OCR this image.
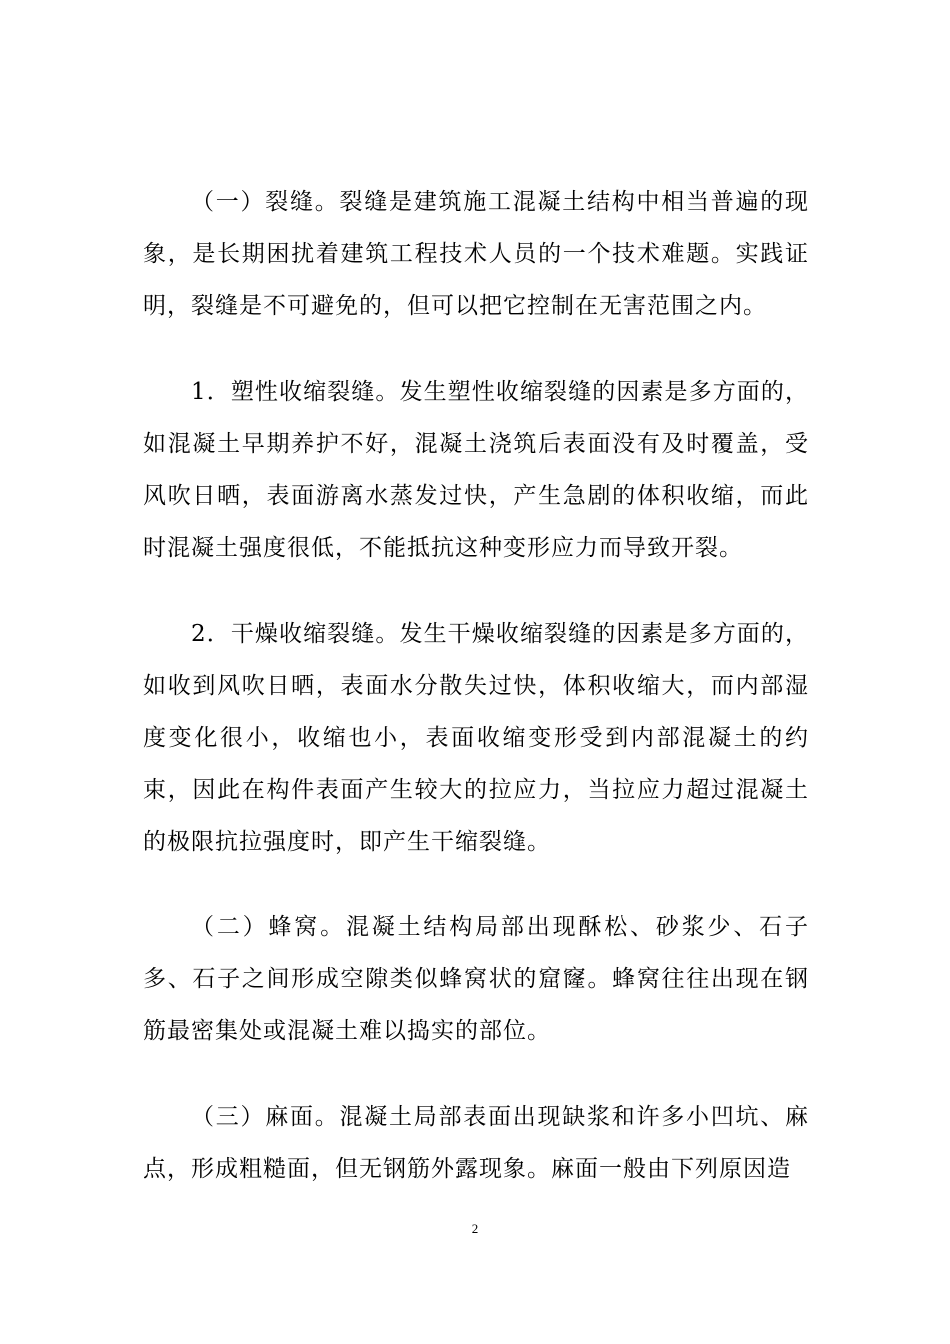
（一）裂缝。裂缝是建筑施工混凝土结构中相当普遍的现象，是长期困扰着建筑工程技术人员的一个技术难题。实践证明，裂缝是不可避免的，但可以把它控制在无害范围之内。

1．塑性收缩裂缝。发生塑性收缩裂缝的因素是多方面的，如混凝土早期养护不好，混凝土浇筑后表面没有及时覆盖，受风吹日晒，表面游离水蒸发过快，产生急剧的体积收缩，而此时混凝土强度很低，不能抵抗这种变形应力而导致开裂。

2．干燥收缩裂缝。发生干燥收缩裂缝的因素是多方面的，如收到风吹日晒，表面水分散失过快，体积收缩大，而内部湿度变化很小，收缩也小，表面收缩变形受到内部混凝土的约束，因此在构件表面产生较大的拉应力，当拉应力超过混凝土的极限抗拉强度时，即产生干缩裂缝。

（二）蜂窝。混凝土结构局部出现酥松、砂浆少、石子多、石子之间形成空隙类似蜂窝状的窟窿。蜂窝往往出现在钢筋最密集处或混凝土难以捣实的部位。

（三）麻面。混凝土局部表面出现缺浆和许多小凹坑、麻点，形成粗糙面，但无钢筋外露现象。麻面一般由下列原因造

2
